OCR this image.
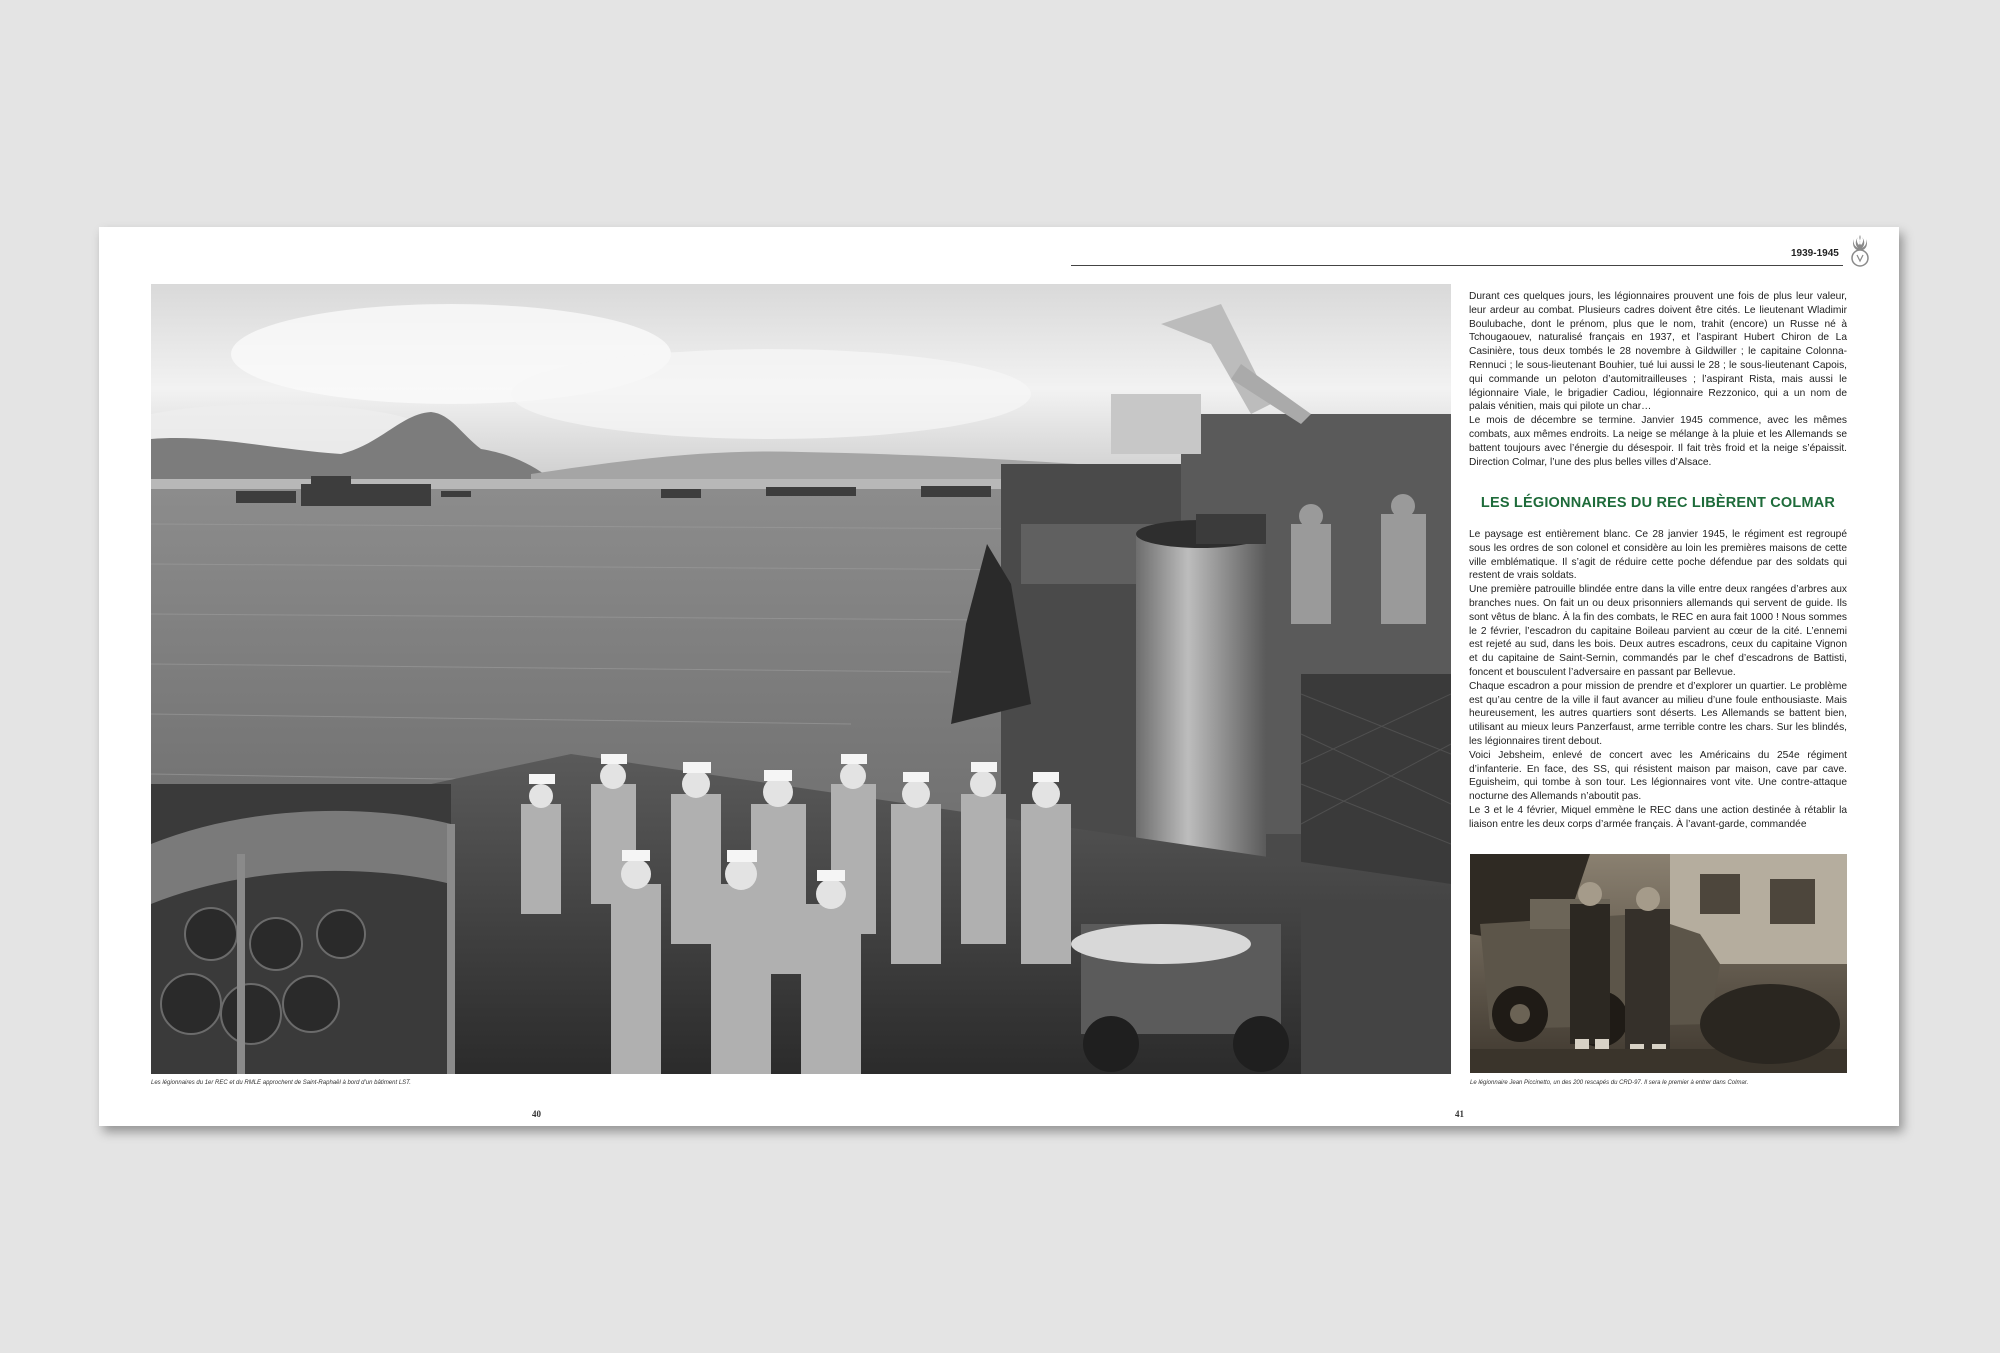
1939-1945
Les légionnaires du 1er REC et du RMLE approchent de Saint-Raphaël à bord d’un bâtiment LST.
40

Durant ces quelques jours, les légionnaires prouvent une fois de plus leur valeur, leur ardeur au combat. Plusieurs cadres doivent être cités. Le lieutenant Wladimir Boulubache, dont le prénom, plus que le nom, trahit (encore) un Russe né à Tchougaouev, naturalisé français en 1937, et l’aspirant Hubert Chiron de La Casinière, tous deux tombés le 28 novembre à Gildwiller ; le capitaine Colonna-Rennuci ; le sous-lieutenant Bouhier, tué lui aussi le 28 ; le sous-lieutenant Capois, qui commande un peloton d’automitrailleuses ; l’aspirant Rista, mais aussi le légionnaire Viale, le brigadier Cadiou, légionnaire Rezzonico, qui a un nom de palais vénitien, mais qui pilote un char…

Le mois de décembre se termine. Janvier 1945 commence, avec les mêmes combats, aux mêmes endroits. La neige se mélange à la pluie et les Allemands se battent toujours avec l’énergie du désespoir. Il fait très froid et la neige s’épaissit. Direction Colmar, l’une des plus belles villes d’Alsace.

LES LÉGIONNAIRES DU REC LIBÈRENT COLMAR

Le paysage est entièrement blanc. Ce 28 janvier 1945, le régiment est regroupé sous les ordres de son colonel et considère au loin les premières maisons de cette ville emblématique. Il s’agit de réduire cette poche défendue par des soldats qui restent de vrais soldats.

Une première patrouille blindée entre dans la ville entre deux rangées d’arbres aux branches nues. On fait un ou deux prisonniers allemands qui servent de guide. Ils sont vêtus de blanc. À la fin des combats, le REC en aura fait 1000 ! Nous sommes le 2 février, l’escadron du capitaine Boileau parvient au cœur de la cité. L’ennemi est rejeté au sud, dans les bois. Deux autres escadrons, ceux du capitaine Vignon et du capitaine de Saint-Sernin, commandés par le chef d’escadrons de Battisti, foncent et bousculent l’adversaire en passant par Bellevue.

Chaque escadron a pour mission de prendre et d’explorer un quartier. Le problème est qu’au centre de la ville il faut avancer au milieu d’une foule enthousiaste. Mais heureusement, les autres quartiers sont déserts. Les Allemands se battent bien, utilisant au mieux leurs Panzerfaust, arme terrible contre les chars. Sur les blindés, les légionnaires tirent debout.

Voici Jebsheim, enlevé de concert avec les Américains du 254e régiment d’infanterie. En face, des SS, qui résistent maison par maison, cave par cave. Eguisheim, qui tombe à son tour. Les légionnaires vont vite. Une contre-attaque nocturne des Allemands n’aboutit pas.

Le 3 et le 4 février, Miquel emmène le REC dans une action destinée à rétablir la liaison entre les deux corps d’armée français. À l’avant-garde, commandée

Le légionnaire Jean Piccinetto, un des 200 rescapés du CRD-97. Il sera le premier à entrer dans Colmar.
41
